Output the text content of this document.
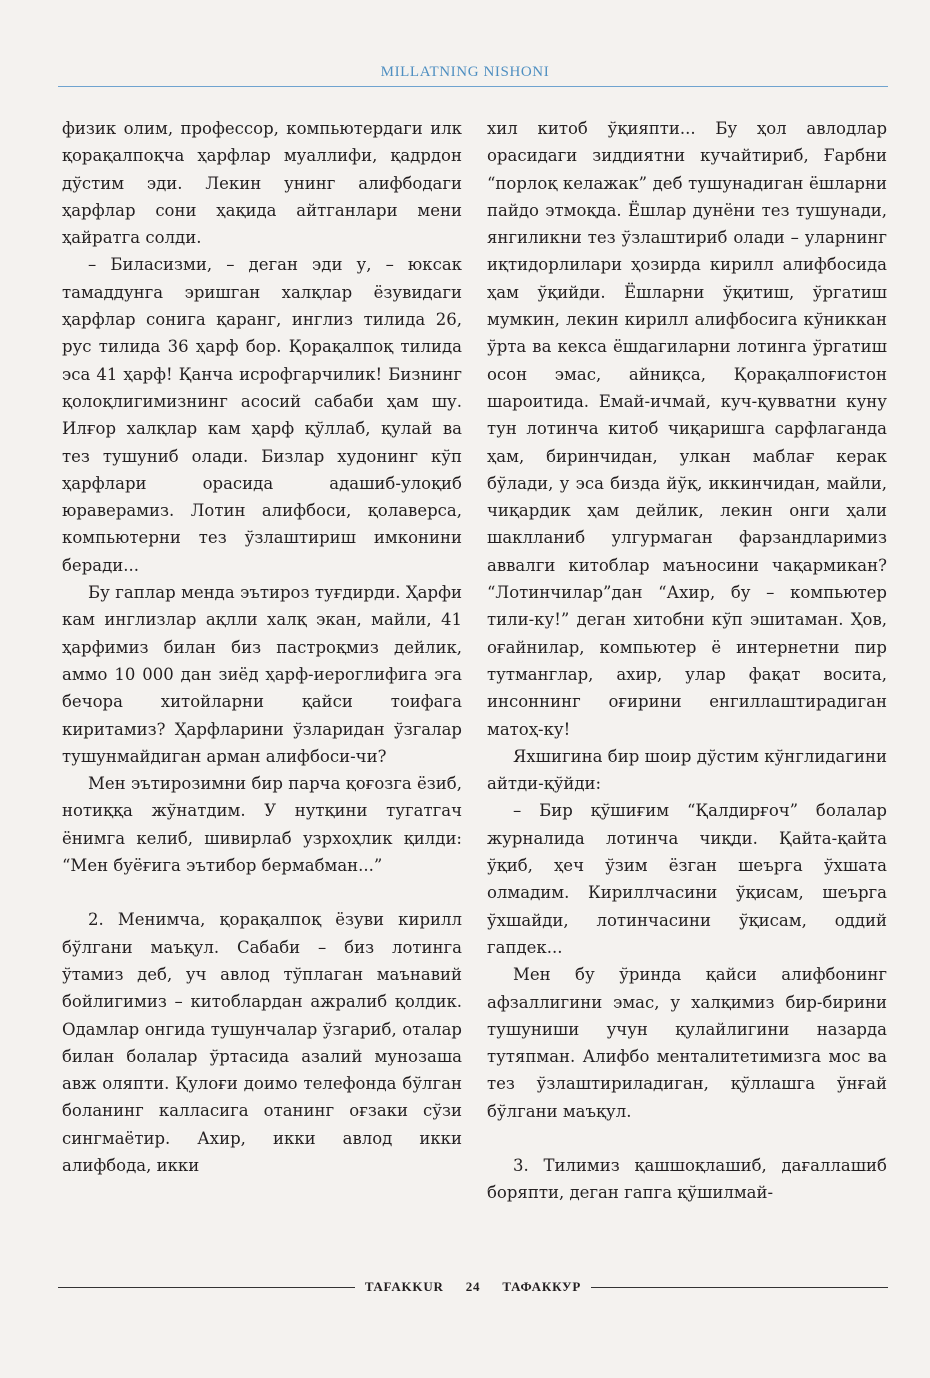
MILLATNING NISHONI

физик олим, профессор, компьютердаги илк қорақалпоқча ҳарфлар муаллифи, қадрдон дўстим эди. Лекин унинг алифбодаги ҳарфлар сони ҳақида айтганлари мени ҳайратга солди.

– Биласизми, – деган эди у, – юксак тамаддунга эришган халқлар ёзувидаги ҳарфлар сонига қаранг, инглиз тилида 26, рус тилида 36 ҳарф бор. Қорақалпоқ тилида эса 41 ҳарф! Қанча исрофгарчилик! Бизнинг қолоқлигимизнинг асосий сабаби ҳам шу. Илғор халқлар кам ҳарф қўллаб, қулай ва тез тушуниб олади. Бизлар худонинг кўп ҳарфлари орасида адашиб-улоқиб юраверамиз. Лотин алифбоси, қолаверса, компьютерни тез ўзлаштириш имконини беради...

Бу гаплар менда эътироз туғдирди. Ҳарфи кам инглизлар ақлли халқ экан, майли, 41 ҳарфимиз билан биз пастроқмиз дейлик, аммо 10 000 дан зиёд ҳарф-иероглифига эга бечора хитойларни қайси тоифага киритамиз? Ҳарфларини ўзларидан ўзгалар тушунмайдиган арман алифбоси-чи?

Мен эътирозимни бир парча қоғозга ёзиб, нотиққа жўнатдим. У нутқини тугатгач ёнимга келиб, шивирлаб узрхоҳлик қилди: “Мен буёғига эътибор бермабман...”

2. Менимча, қорақалпоқ ёзуви кирилл бўлгани маъқул. Сабаби – биз лотинга ўтамиз деб, уч авлод тўплаган маънавий бойлигимиз – китоблардан ажралиб қолдик. Одамлар онгида тушунчалар ўзгариб, оталар билан болалар ўртасида азалий мунозаша авж оляпти. Қулоғи доимо телефонда бўлган боланинг калласига отанинг оғзаки сўзи сингмаётир. Ахир, икки авлод икки алифбода, икки

хил китоб ўқияпти... Бу ҳол авлодлар орасидаги зиддиятни кучайтириб, Ғарбни “порлоқ келажак” деб тушунадиган ёшларни пайдо этмоқда. Ёшлар дунёни тез тушунади, янгиликни тез ўзлаштириб олади – уларнинг иқтидорлилари ҳозирда кирилл алифбосида ҳам ўқийди. Ёшларни ўқитиш, ўргатиш мумкин, лекин кирилл алифбосига кўниккан ўрта ва кекса ёшдагиларни лотинга ўргатиш осон эмас, айниқса, Қорақалпоғистон шароитида. Емай-ичмай, куч-қувватни куну тун лотинча китоб чиқаришга сарфлаганда ҳам, биринчидан, улкан маблағ керак бўлади, у эса бизда йўқ, иккинчидан, майли, чиқардик ҳам дейлик, лекин онги ҳали шаклланиб улгурмаган фарзандларимиз аввалги китоблар маъносини чақармикан? “Лотинчилар”дан “Ахир, бу – компьютер тили-ку!” деган хитобни кўп эшитаман. Ҳов, оғайнилар, компьютер ё интернетни пир тутманглар, ахир, улар фақат восита, инсоннинг оғирини енгиллаштирадиган матоҳ-ку!

Яхшигина бир шоир дўстим кўнглидагини айтди-қўйди:

– Бир қўшиғим “Қалдирғоч” болалар журналида лотинча чиқди. Қайта-қайта ўқиб, ҳеч ўзим ёзган шеърга ўхшата олмадим. Кириллчасини ўқисам, шеърга ўхшайди, лотинчасини ўқисам, оддий гапдек...

Мен бу ўринда қайси алифбонинг афзаллигини эмас, у халқимиз бир-бирини тушуниши учун қулайлигини назарда тутяпман. Алифбо менталитетимизга мос ва тез ўзлаштириладиган, қўллашга ўнғай бўлгани маъқул.

3. Тилимиз қашшоқлашиб, дағаллашиб боряпти, деган гапга қўшилмай-

TAFAKKUR	24	ТАФАККУР
